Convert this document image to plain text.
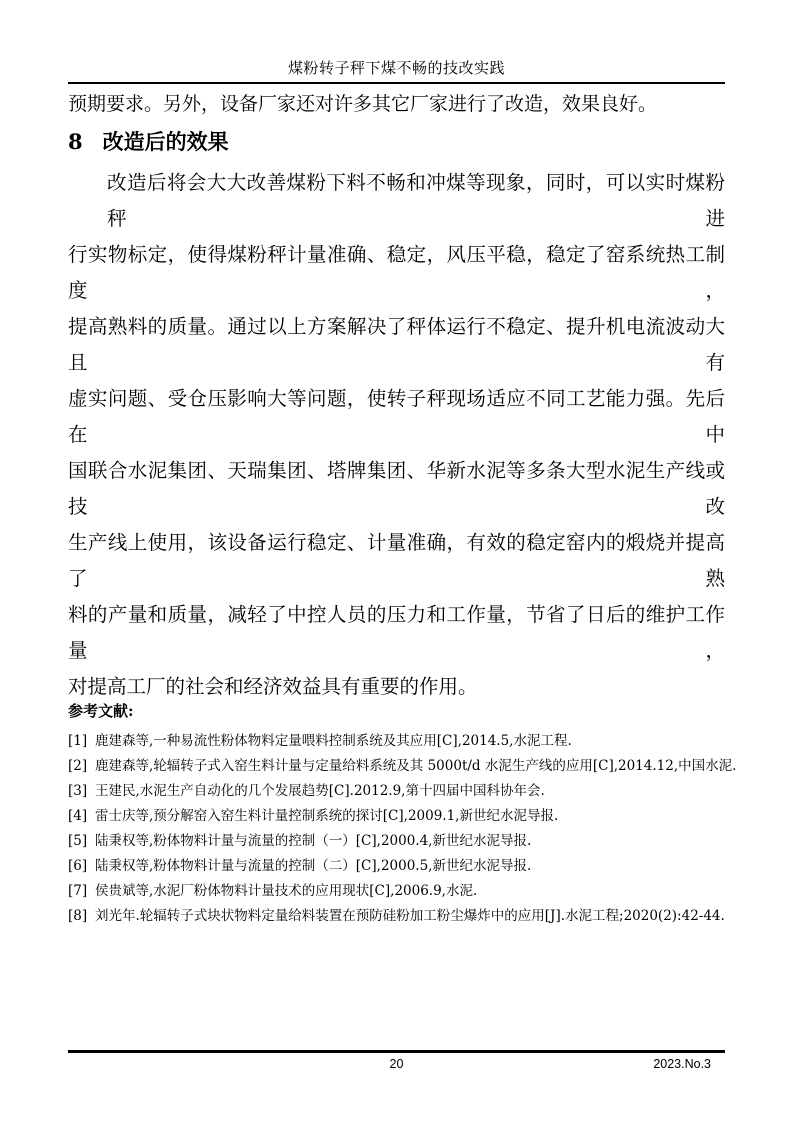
煤粉转子秤下煤不畅的技改实践
预期要求。另外，设备厂家还对许多其它厂家进行了改造，效果良好。
8 改造后的效果
改造后将会大大改善煤粉下料不畅和冲煤等现象，同时，可以实时煤粉秤进
行实物标定，使得煤粉秤计量准确、稳定，风压平稳，稳定了窑系统热工制度，
提高熟料的质量。通过以上方案解决了秤体运行不稳定、提升机电流波动大且有
虚实问题、受仓压影响大等问题，使转子秤现场适应不同工艺能力强。先后在中
国联合水泥集团、天瑞集团、塔牌集团、华新水泥等多条大型水泥生产线或技改
生产线上使用，该设备运行稳定、计量准确，有效的稳定窑内的煅烧并提高了熟
料的产量和质量，减轻了中控人员的压力和工作量，节省了日后的维护工作量，
对提高工厂的社会和经济效益具有重要的作用。
参考文献:
[1] 鹿建森等,一种易流性粉体物料定量喂料控制系统及其应用[C],2014.5,水泥工程.
[2] 鹿建森等,轮辐转子式入窑生料计量与定量给料系统及其 5000t/d 水泥生产线的应用[C],2014.12,中国水泥.
[3] 王建民,水泥生产自动化的几个发展趋势[C].2012.9,第十四届中国科协年会.
[4] 雷士庆等,预分解窑入窑生料计量控制系统的探讨[C],2009.1,新世纪水泥导报.
[5] 陆秉权等,粉体物料计量与流量的控制（一）[C],2000.4,新世纪水泥导报.
[6] 陆秉权等,粉体物料计量与流量的控制（二）[C],2000.5,新世纪水泥导报.
[7] 侯贵斌等,水泥厂粉体物料计量技术的应用现状[C],2006.9,水泥.
[8] 刘光年.轮辐转子式块状物料定量给料装置在预防硅粉加工粉尘爆炸中的应用[J].水泥工程;2020(2):42-44.
20	2023.No.3
